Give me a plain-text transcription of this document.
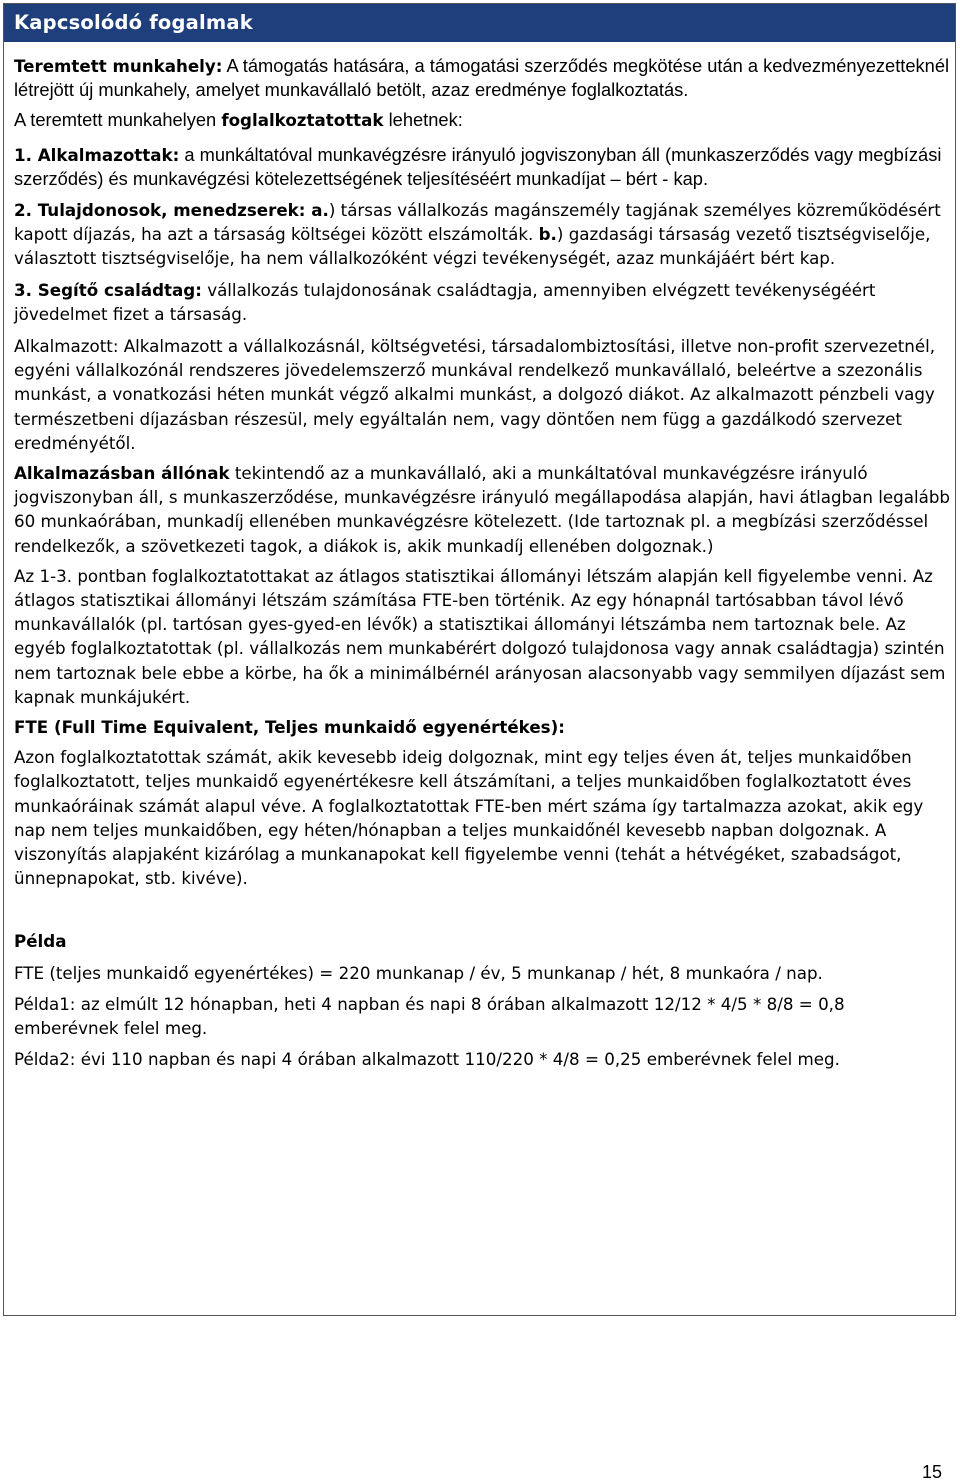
Kapcsolódó fogalmak

Teremtett munkahely: A támogatás hatására, a támogatási szerződés megkötése után a kedvezményezetteknél létrejött új munkahely, amelyet munkavállaló betölt, azaz eredménye foglalkoztatás.

A teremtett munkahelyen foglalkoztatottak lehetnek:

1. Alkalmazottak: a munkáltatóval munkavégzésre irányuló jogviszonyban áll (munkaszerződés vagy megbízási szerződés) és munkavégzési kötelezettségének teljesítéséért munkadíjat – bért - kap.

2. Tulajdonosok, menedzserek: a.) társas vállalkozás magánszemély tagjának személyes közreműködésért kapott díjazás, ha azt a társaság költségei között elszámolták. b.) gazdasági társaság vezető tisztségviselője, választott tisztségviselője, ha nem vállalkozóként végzi tevékenységét, azaz munkájáért bért kap.

3. Segítő családtag: vállalkozás tulajdonosának családtagja, amennyiben elvégzett tevékenységéért jövedelmet fizet a társaság.

Alkalmazott: Alkalmazott a vállalkozásnál, költségvetési, társadalombiztosítási, illetve non-profit szervezetnél, egyéni vállalkozónál rendszeres jövedelemszerző munkával rendelkező munkavállaló, beleértve a szezonális munkást, a vonatkozási héten munkát végző alkalmi munkást, a dolgozó diákot. Az alkalmazott pénzbeli vagy természetbeni díjazásban részesül, mely egyáltalán nem, vagy döntően nem függ a gazdálkodó szervezet eredményétől.

Alkalmazásban állónak tekintendő az a munkavállaló, aki a munkáltatóval munkavégzésre irányuló jogviszonyban áll, s munkaszerződése, munkavégzésre irányuló megállapodása alapján, havi átlagban legalább 60 munkaórában, munkadíj ellenében munkavégzésre kötelezett. (Ide tartoznak pl. a megbízási szerződéssel rendelkezők, a szövetkezeti tagok, a diákok is, akik munkadíj ellenében dolgoznak.)

Az 1-3. pontban foglalkoztatottakat az átlagos statisztikai állományi létszám alapján kell figyelembe venni. Az átlagos statisztikai állományi létszám számítása FTE-ben történik. Az egy hónapnál tartósabban távol lévő munkavállalók (pl. tartósan gyes-gyed-en lévők) a statisztikai állományi létszámba nem tartoznak bele. Az egyéb foglalkoztatottak (pl. vállalkozás nem munkabérért dolgozó tulajdonosa vagy annak családtagja) szintén nem tartoznak bele ebbe a körbe, ha ők a minimálbérnél arányosan alacsonyabb vagy semmilyen díjazást sem kapnak munkájukért.

FTE (Full Time Equivalent, Teljes munkaidő egyenértékes):

Azon foglalkoztatottak számát, akik kevesebb ideig dolgoznak, mint egy teljes éven át, teljes munkaidőben foglalkoztatott, teljes munkaidő egyenértékesre kell átszámítani, a teljes munkaidőben foglalkoztatott éves munkaóráinak számát alapul véve. A foglalkoztatottak FTE-ben mért száma így tartalmazza azokat, akik egy nap nem teljes munkaidőben, egy héten/hónapban a teljes munkaidőnél kevesebb napban dolgoznak. A viszonyítás alapjaként kizárólag a munkanapokat kell figyelembe venni (tehát a hétvégéket, szabadságot, ünnepnapokat, stb. kivéve).

Példa

FTE (teljes munkaidő egyenértékes) = 220 munkanap / év, 5 munkanap / hét, 8 munkaóra / nap.

Példa1: az elmúlt 12 hónapban, heti 4 napban és napi 8 órában alkalmazott 12/12 * 4/5 * 8/8 = 0,8 emberévnek felel meg.

Példa2: évi 110 napban és napi 4 órában alkalmazott 110/220 * 4/8 = 0,25 emberévnek felel meg.

15
